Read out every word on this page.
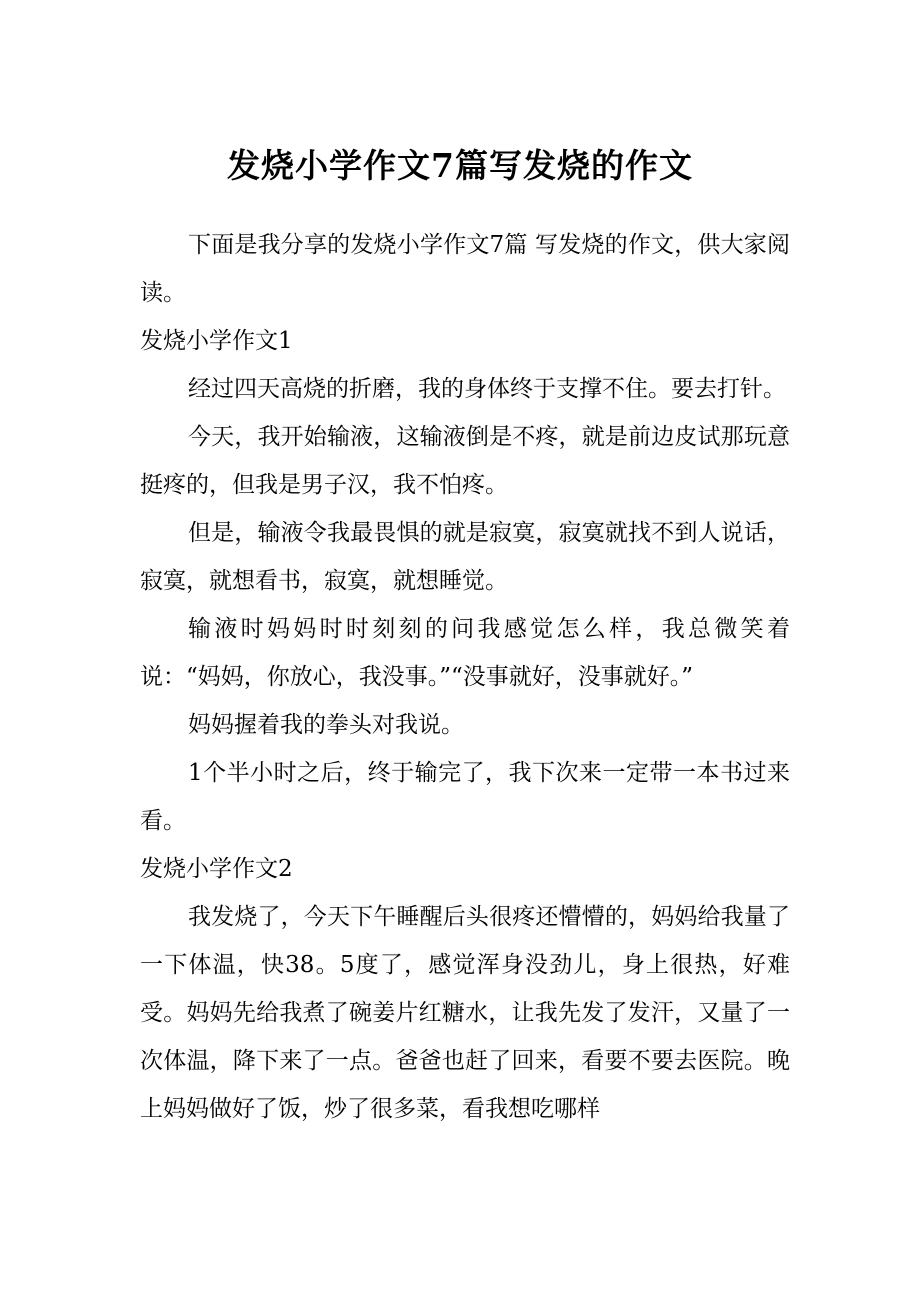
发烧小学作文7篇写发烧的作文

下面是我分享的发烧小学作文7篇 写发烧的作文，供大家阅读。

发烧小学作文1

经过四天高烧的折磨，我的身体终于支撑不住。要去打针。

今天，我开始输液，这输液倒是不疼，就是前边皮试那玩意挺疼的，但我是男子汉，我不怕疼。

但是，输液令我最畏惧的就是寂寞，寂寞就找不到人说话，寂寞，就想看书，寂寞，就想睡觉。

输液时妈妈时时刻刻的问我感觉怎么样，我总微笑着说：“妈妈，你放心，我没事。”“没事就好，没事就好。”

妈妈握着我的拳头对我说。

1个半小时之后，终于输完了，我下次来一定带一本书过来看。

发烧小学作文2

我发烧了，今天下午睡醒后头很疼还懵懵的，妈妈给我量了一下体温，快38。5度了，感觉浑身没劲儿，身上很热，好难受。妈妈先给我煮了碗姜片红糖水，让我先发了发汗，又量了一次体温，降下来了一点。爸爸也赶了回来，看要不要去医院。晚上妈妈做好了饭，炒了很多菜，看我想吃哪样
